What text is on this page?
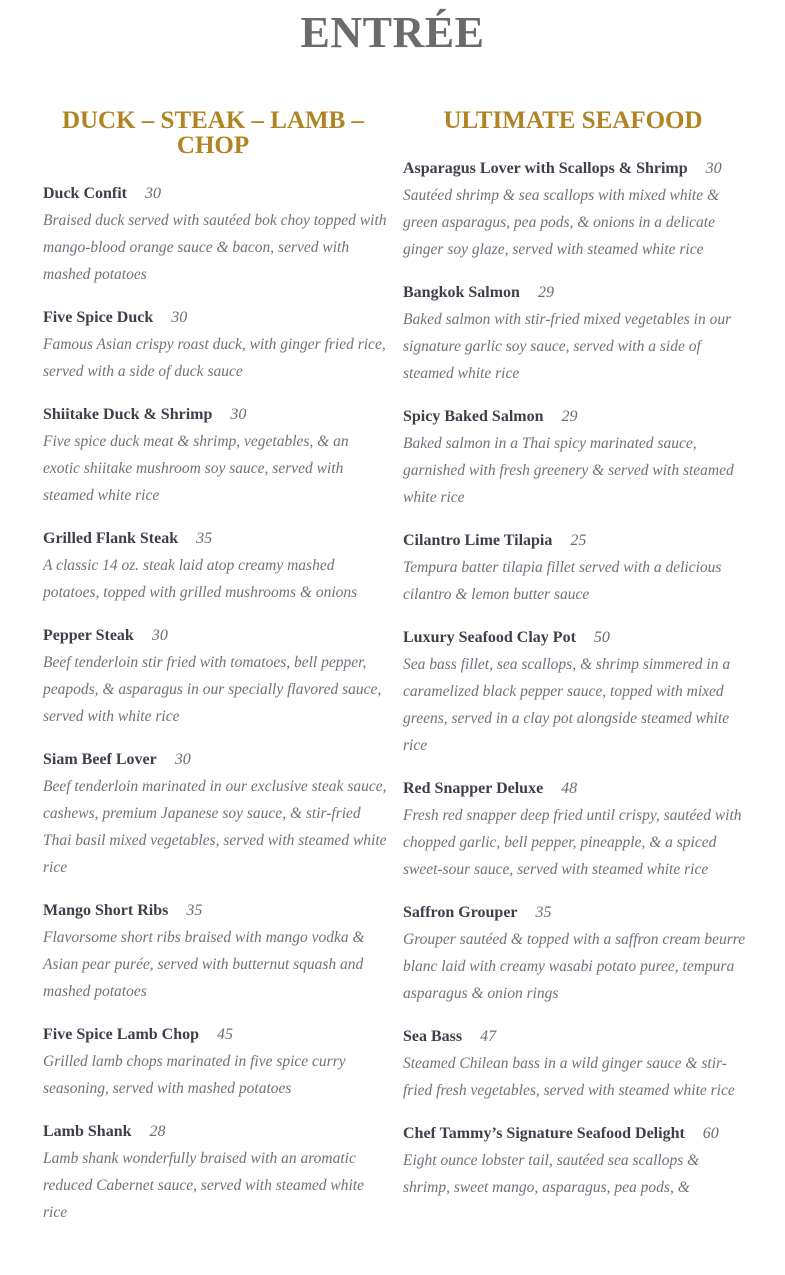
ENTRÉE
DUCK – STEAK – LAMB – CHOP
Duck Confit 30
Braised duck served with sautéed bok choy topped with mango-blood orange sauce & bacon, served with mashed potatoes
Five Spice Duck 30
Famous Asian crispy roast duck, with ginger fried rice, served with a side of duck sauce
Shiitake Duck & Shrimp 30
Five spice duck meat & shrimp, vegetables, & an exotic shiitake mushroom soy sauce, served with steamed white rice
Grilled Flank Steak 35
A classic 14 oz. steak laid atop creamy mashed potatoes, topped with grilled mushrooms & onions
Pepper Steak 30
Beef tenderloin stir fried with tomatoes, bell pepper, peapods, & asparagus in our specially flavored sauce, served with white rice
Siam Beef Lover 30
Beef tenderloin marinated in our exclusive steak sauce, cashews, premium Japanese soy sauce, & stir-fried Thai basil mixed vegetables, served with steamed white rice
Mango Short Ribs 35
Flavorsome short ribs braised with mango vodka & Asian pear purée, served with butternut squash and mashed potatoes
Five Spice Lamb Chop 45
Grilled lamb chops marinated in five spice curry seasoning, served with mashed potatoes
Lamb Shank 28
Lamb shank wonderfully braised with an aromatic reduced Cabernet sauce, served with steamed white rice
ULTIMATE SEAFOOD
Asparagus Lover with Scallops & Shrimp 30
Sautéed shrimp & sea scallops with mixed white & green asparagus, pea pods, & onions in a delicate ginger soy glaze, served with steamed white rice
Bangkok Salmon 29
Baked salmon with stir-fried mixed vegetables in our signature garlic soy sauce, served with a side of steamed white rice
Spicy Baked Salmon 29
Baked salmon in a Thai spicy marinated sauce, garnished with fresh greenery & served with steamed white rice
Cilantro Lime Tilapia 25
Tempura batter tilapia fillet served with a delicious cilantro & lemon butter sauce
Luxury Seafood Clay Pot 50
Sea bass fillet, sea scallops, & shrimp simmered in a caramelized black pepper sauce, topped with mixed greens, served in a clay pot alongside steamed white rice
Red Snapper Deluxe 48
Fresh red snapper deep fried until crispy, sautéed with chopped garlic, bell pepper, pineapple, & a spiced sweet-sour sauce, served with steamed white rice
Saffron Grouper 35
Grouper sautéed & topped with a saffron cream beurre blanc laid with creamy wasabi potato puree, tempura asparagus & onion rings
Sea Bass 47
Steamed Chilean bass in a wild ginger sauce & stir-fried fresh vegetables, served with steamed white rice
Chef Tammy’s Signature Seafood Delight 60
Eight ounce lobster tail, sautéed sea scallops & shrimp, sweet mango, asparagus, pea pods, &
